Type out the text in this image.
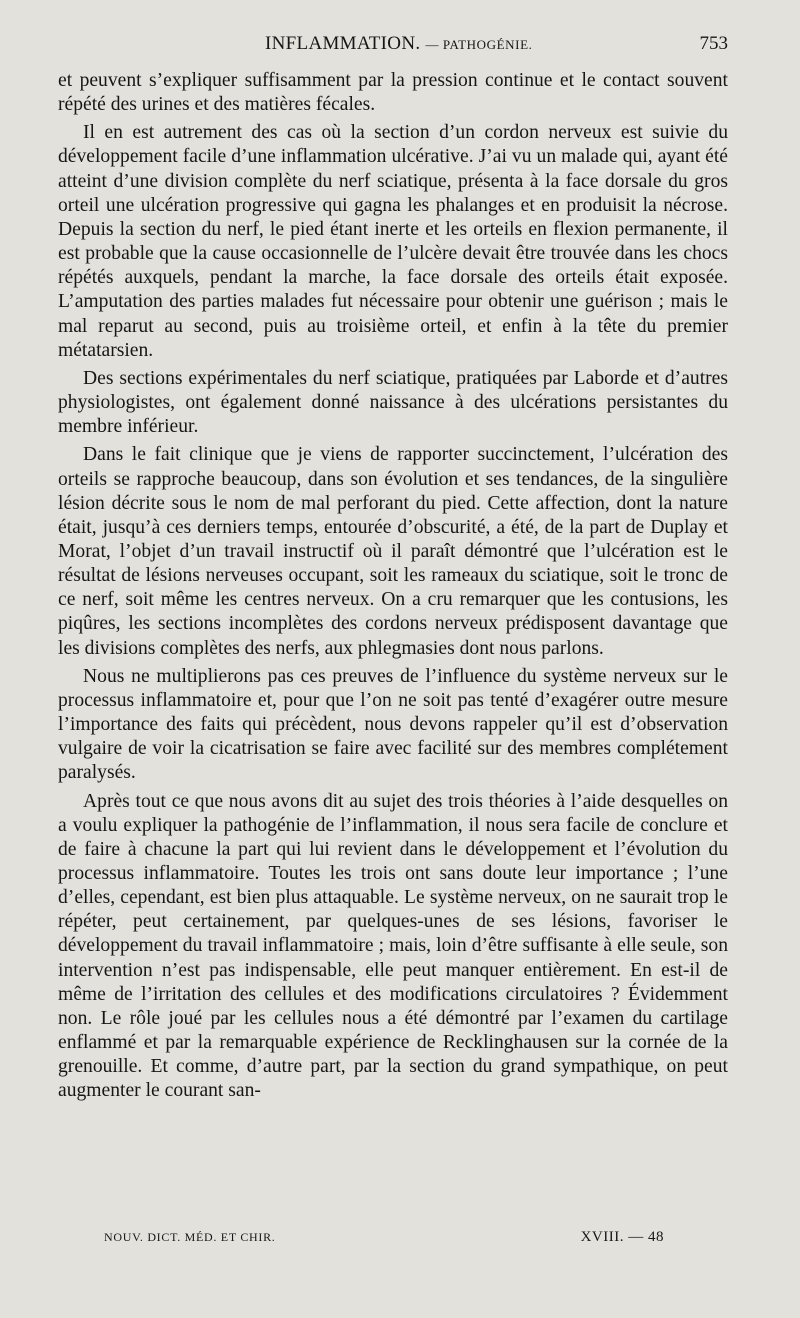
INFLAMMATION. — PATHOGÉNIE.	753

et peuvent s’expliquer suffisamment par la pression continue et le contact souvent répété des urines et des matières fécales.

Il en est autrement des cas où la section d’un cordon nerveux est suivie du développement facile d’une inflammation ulcérative. J’ai vu un malade qui, ayant été atteint d’une division complète du nerf sciatique, présenta à la face dorsale du gros orteil une ulcération progressive qui gagna les phalanges et en produisit la nécrose. Depuis la section du nerf, le pied étant inerte et les orteils en flexion permanente, il est probable que la cause occasionnelle de l’ulcère devait être trouvée dans les chocs répétés auxquels, pendant la marche, la face dorsale des orteils était exposée. L’amputation des parties malades fut nécessaire pour obtenir une guérison ; mais le mal reparut au second, puis au troisième orteil, et enfin à la tête du premier métatarsien.

Des sections expérimentales du nerf sciatique, pratiquées par Laborde et d’autres physiologistes, ont également donné naissance à des ulcérations persistantes du membre inférieur.

Dans le fait clinique que je viens de rapporter succinctement, l’ulcération des orteils se rapproche beaucoup, dans son évolution et ses tendances, de la singulière lésion décrite sous le nom de mal perforant du pied. Cette affection, dont la nature était, jusqu’à ces derniers temps, entourée d’obscurité, a été, de la part de Duplay et Morat, l’objet d’un travail instructif où il paraît démontré que l’ulcération est le résultat de lésions nerveuses occupant, soit les rameaux du sciatique, soit le tronc de ce nerf, soit même les centres nerveux. On a cru remarquer que les contusions, les piqûres, les sections incomplètes des cordons nerveux prédisposent davantage que les divisions complètes des nerfs, aux phlegmasies dont nous parlons.

Nous ne multiplierons pas ces preuves de l’influence du système nerveux sur le processus inflammatoire et, pour que l’on ne soit pas tenté d’exagérer outre mesure l’importance des faits qui précèdent, nous devons rappeler qu’il est d’observation vulgaire de voir la cicatrisation se faire avec facilité sur des membres complétement paralysés.

Après tout ce que nous avons dit au sujet des trois théories à l’aide desquelles on a voulu expliquer la pathogénie de l’inflammation, il nous sera facile de conclure et de faire à chacune la part qui lui revient dans le développement et l’évolution du processus inflammatoire. Toutes les trois ont sans doute leur importance ; l’une d’elles, cependant, est bien plus attaquable. Le système nerveux, on ne saurait trop le répéter, peut certainement, par quelques-unes de ses lésions, favoriser le développement du travail inflammatoire ; mais, loin d’être suffisante à elle seule, son intervention n’est pas indispensable, elle peut manquer entièrement. En est-il de même de l’irritation des cellules et des modifications circulatoires ? Évidemment non. Le rôle joué par les cellules nous a été démontré par l’examen du cartilage enflammé et par la remarquable expérience de Recklinghausen sur la cornée de la grenouille. Et comme, d’autre part, par la section du grand sympathique, on peut augmenter le courant san-

NOUV. DICT. MÉD. ET CHIR.	XVIII. — 48
